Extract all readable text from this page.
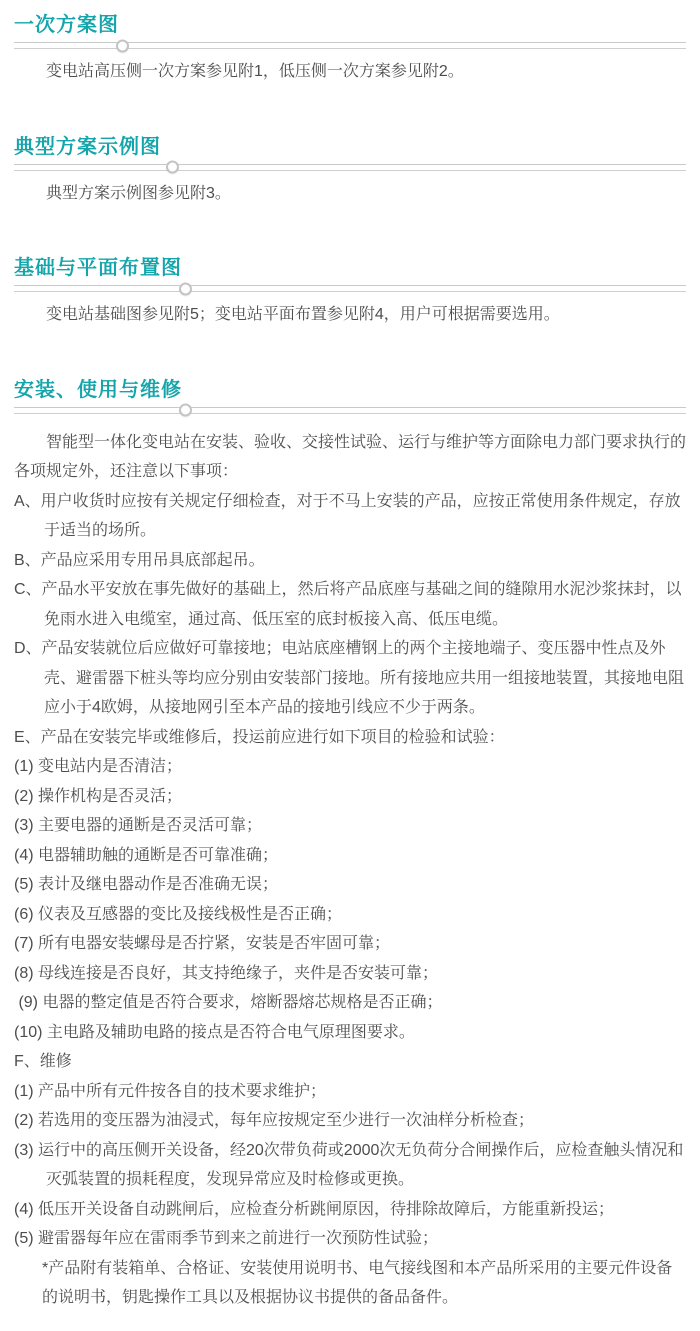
一次方案图

变电站高压侧一次方案参见附1，低压侧一次方案参见附2。

典型方案示例图

典型方案示例图参见附3。

基础与平面布置图

变电站基础图参见附5；变电站平面布置参见附4，用户可根据需要选用。

安装、使用与维修

智能型一体化变电站在安装、验收、交接性试验、运行与维护等方面除电力部门要求执行的各项规定外，还注意以下事项：

A、用户收货时应按有关规定仔细检查，对于不马上安装的产品，应按正常使用条件规定，存放于适当的场所。

B、产品应采用专用吊具底部起吊。

C、产品水平安放在事先做好的基础上，然后将产品底座与基础之间的缝隙用水泥沙浆抹封，以免雨水进入电缆室，通过高、低压室的底封板接入高、低压电缆。

D、产品安装就位后应做好可靠接地；电站底座槽钢上的两个主接地端子、变压器中性点及外壳、避雷器下桩头等均应分别由安装部门接地。所有接地应共用一组接地装置，其接地电阻应小于4欧姆，从接地网引至本产品的接地引线应不少于两条。

E、产品在安装完毕或维修后，投运前应进行如下项目的检验和试验：

(1) 变电站内是否清洁；

(2) 操作机构是否灵活；

(3) 主要电器的通断是否灵活可靠；

(4) 电器辅助触的通断是否可靠准确；

(5) 表计及继电器动作是否准确无误；

(6) 仪表及互感器的变比及接线极性是否正确；

(7) 所有电器安装螺母是否拧紧，安装是否牢固可靠；

(8) 母线连接是否良好，其支持绝缘子，夹件是否安装可靠；

(9) 电器的整定值是否符合要求，熔断器熔芯规格是否正确；

(10) 主电路及辅助电路的接点是否符合电气原理图要求。

F、维修

(1) 产品中所有元件按各自的技术要求维护；

(2) 若选用的变压器为油浸式，每年应按规定至少进行一次油样分析检查；

(3) 运行中的高压侧开关设备，经20次带负荷或2000次无负荷分合闸操作后，应检查触头情况和灭弧装置的损耗程度，发现异常应及时检修或更换。

(4) 低压开关设备自动跳闸后，应检查分析跳闸原因，待排除故障后，方能重新投运；

(5) 避雷器每年应在雷雨季节到来之前进行一次预防性试验；

*产品附有装箱单、合格证、安装使用说明书、电气接线图和本产品所采用的主要元件设备的说明书，钥匙操作工具以及根据协议书提供的备品备件。
